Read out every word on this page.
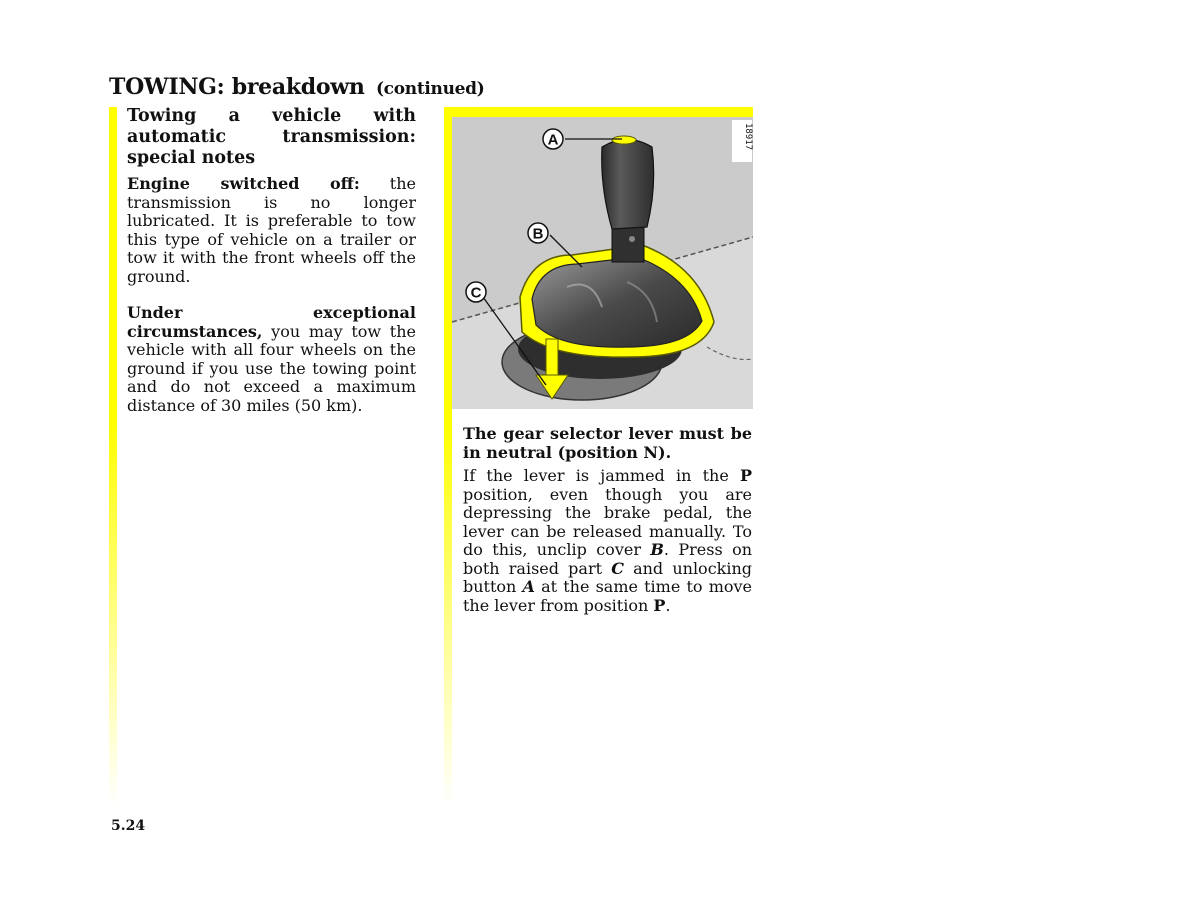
TOWING: breakdown (continued)
Towing a vehicle with automatic transmission: special notes

Engine switched off: the transmission is no longer lubricated. It is preferable to tow this type of vehicle on a trailer or tow it with the front wheels off the ground.

Under exceptional circumstances, you may tow the vehicle with all four wheels on the ground if you use the towing point and do not exceed a maximum distance of 30 miles (50 km).

A
B
C
18917

The gear selector lever must be in neutral (position N).

If the lever is jammed in the P position, even though you are depressing the brake pedal, the lever can be released manually. To do this, unclip cover B. Press on both raised part C and unlocking button A at the same time to move the lever from position P.

5.24
